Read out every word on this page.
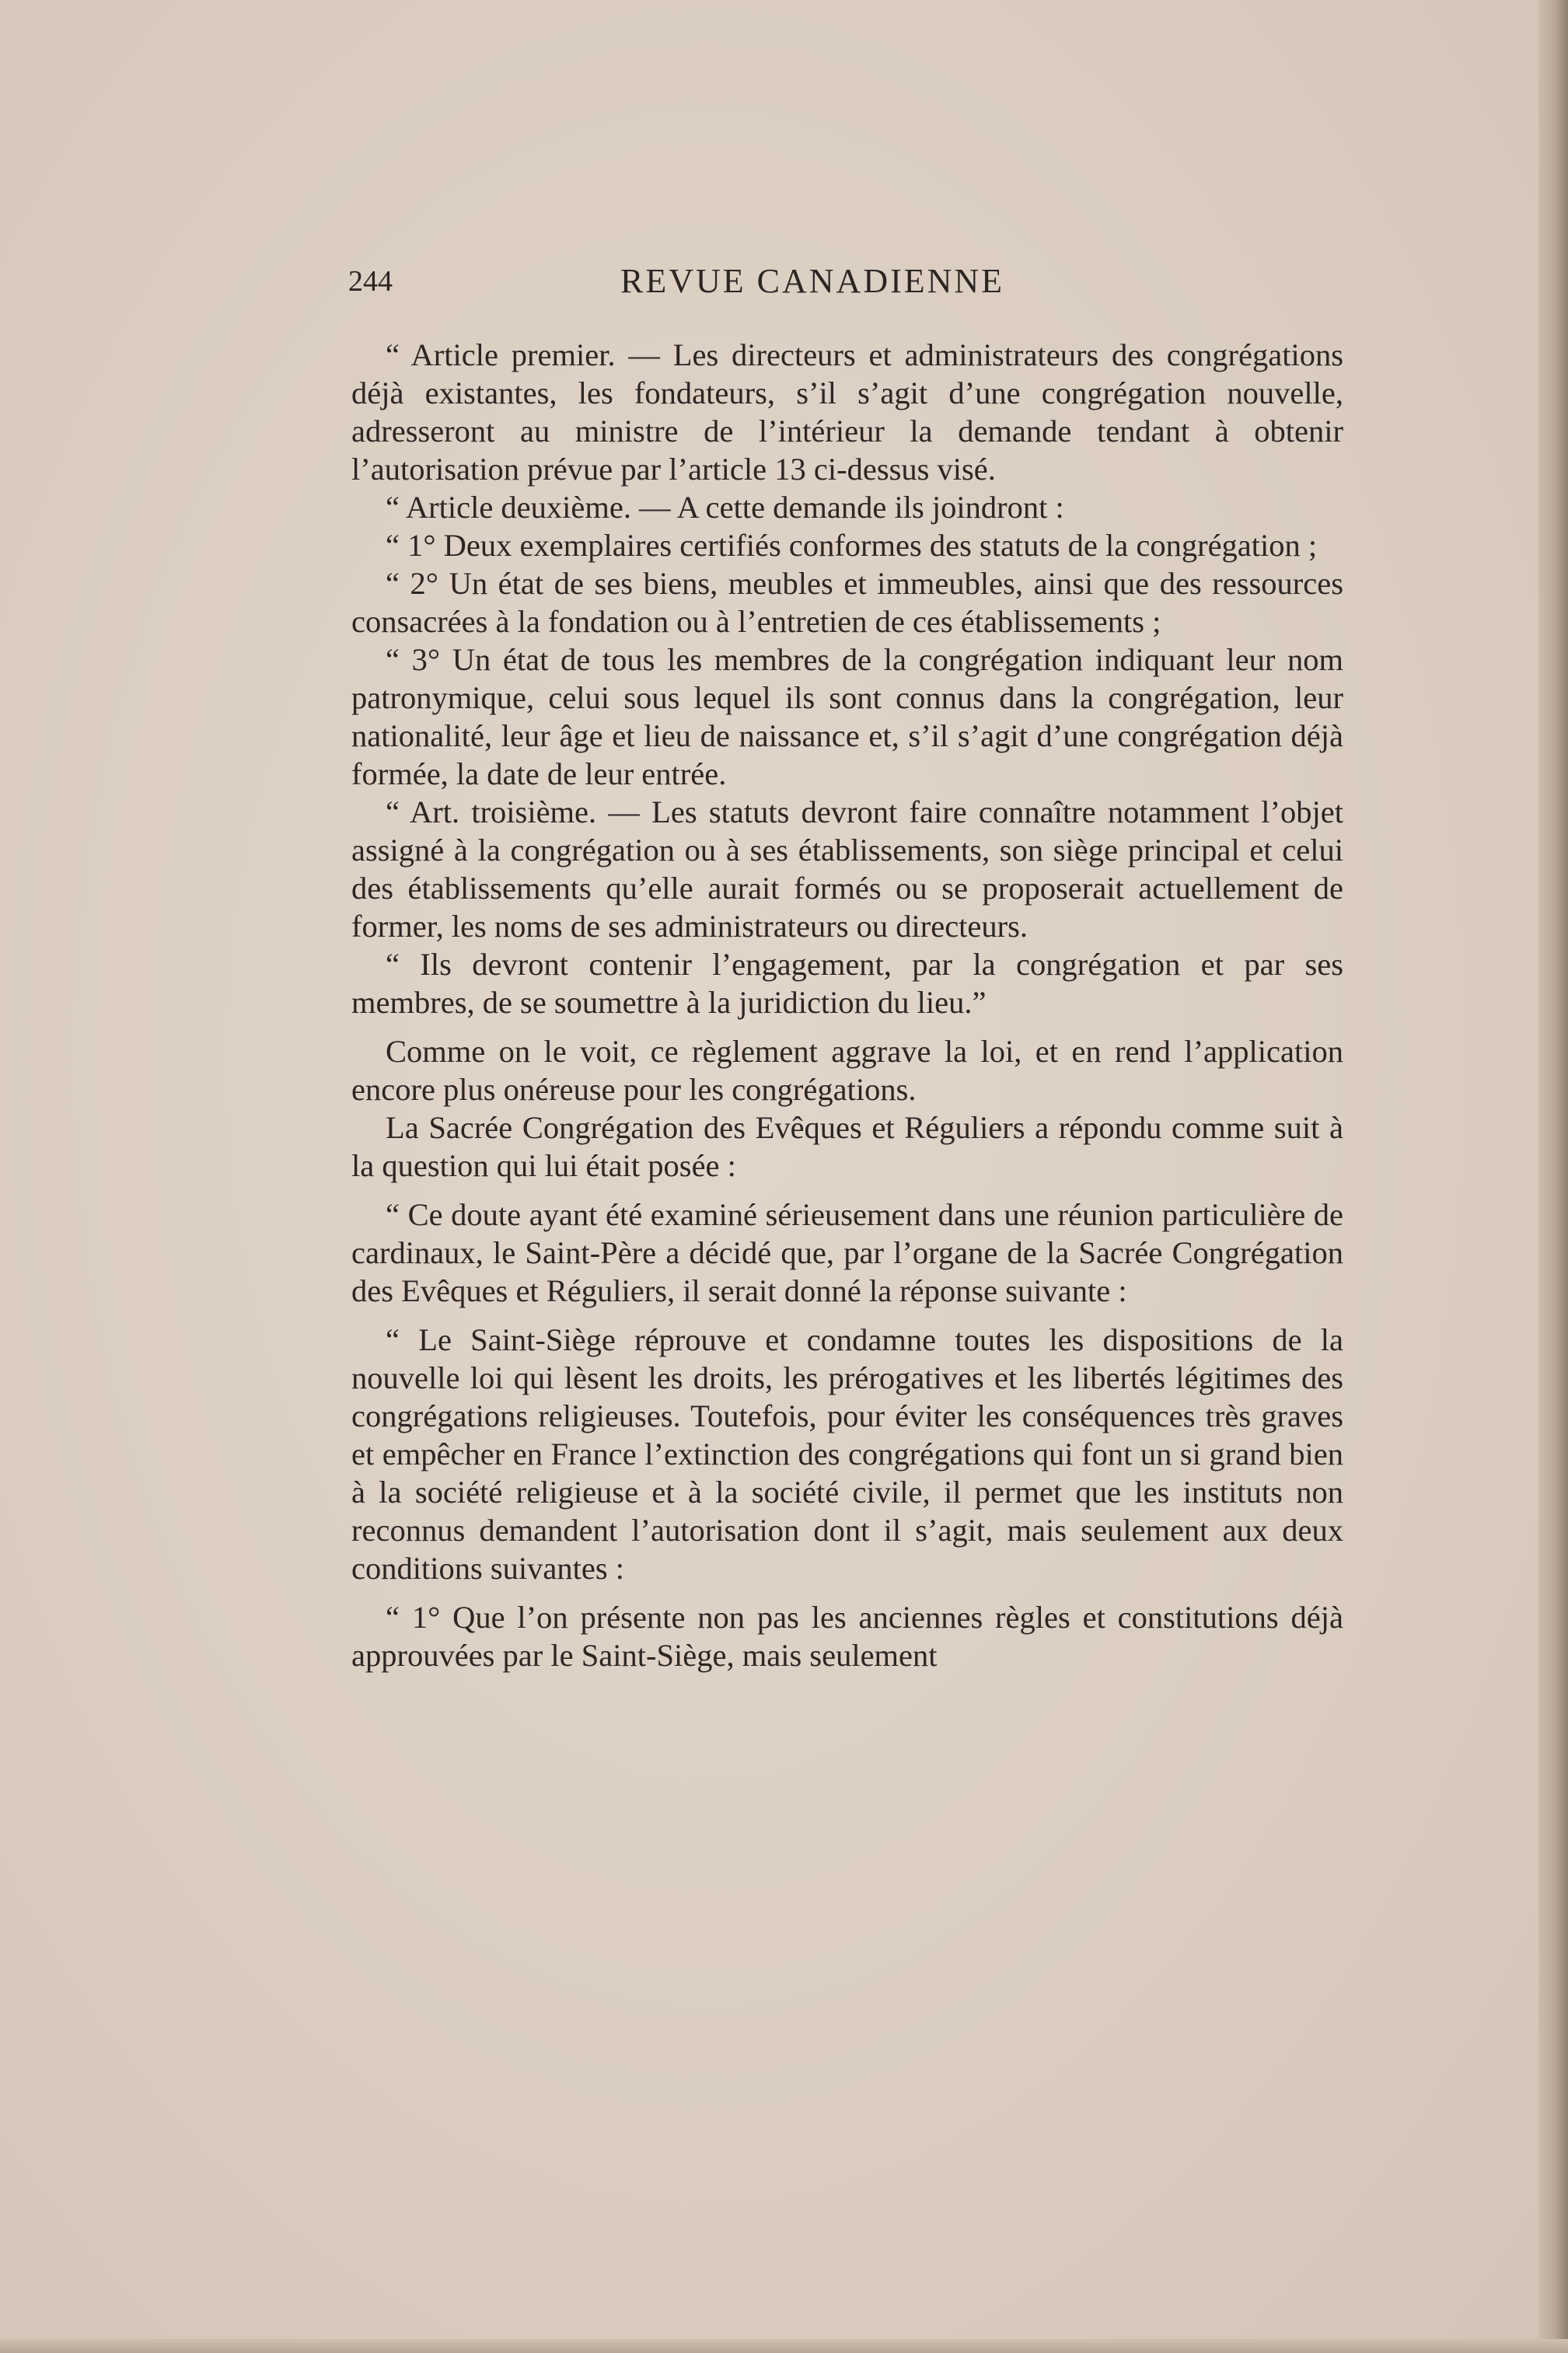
244	REVUE CANADIENNE

“ Article premier. — Les directeurs et administrateurs des congrégations déjà existantes, les fondateurs, s’il s’agit d’une congrégation nouvelle, adresseront au ministre de l’intérieur la demande tendant à obtenir l’autorisation prévue par l’article 13 ci-dessus visé.

“ Article deuxième. — A cette demande ils joindront :

“ 1° Deux exemplaires certifiés conformes des statuts de la congrégation ;

“ 2° Un état de ses biens, meubles et immeubles, ainsi que des ressources consacrées à la fondation ou à l’entretien de ces établissements ;

“ 3° Un état de tous les membres de la congrégation indiquant leur nom patronymique, celui sous lequel ils sont connus dans la congrégation, leur nationalité, leur âge et lieu de naissance et, s’il s’agit d’une congrégation déjà formée, la date de leur entrée.

“ Art. troisième. — Les statuts devront faire connaître notamment l’objet assigné à la congrégation ou à ses établissements, son siège principal et celui des établissements qu’elle aurait formés ou se proposerait actuellement de former, les noms de ses administrateurs ou directeurs.

“ Ils devront contenir l’engagement, par la congrégation et par ses membres, de se soumettre à la juridiction du lieu.”

Comme on le voit, ce règlement aggrave la loi, et en rend l’application encore plus onéreuse pour les congrégations.

La Sacrée Congrégation des Evêques et Réguliers a répondu comme suit à la question qui lui était posée :

“ Ce doute ayant été examiné sérieusement dans une réunion particulière de cardinaux, le Saint-Père a décidé que, par l’organe de la Sacrée Congrégation des Evêques et Réguliers, il serait donné la réponse suivante :

“ Le Saint-Siège réprouve et condamne toutes les dispositions de la nouvelle loi qui lèsent les droits, les prérogatives et les libertés légitimes des congrégations religieuses. Toutefois, pour éviter les conséquences très graves et empêcher en France l’extinction des congrégations qui font un si grand bien à la société religieuse et à la société civile, il permet que les instituts non reconnus demandent l’autorisation dont il s’agit, mais seulement aux deux conditions suivantes :

“ 1° Que l’on présente non pas les anciennes règles et constitutions déjà approuvées par le Saint-Siège, mais seulement
